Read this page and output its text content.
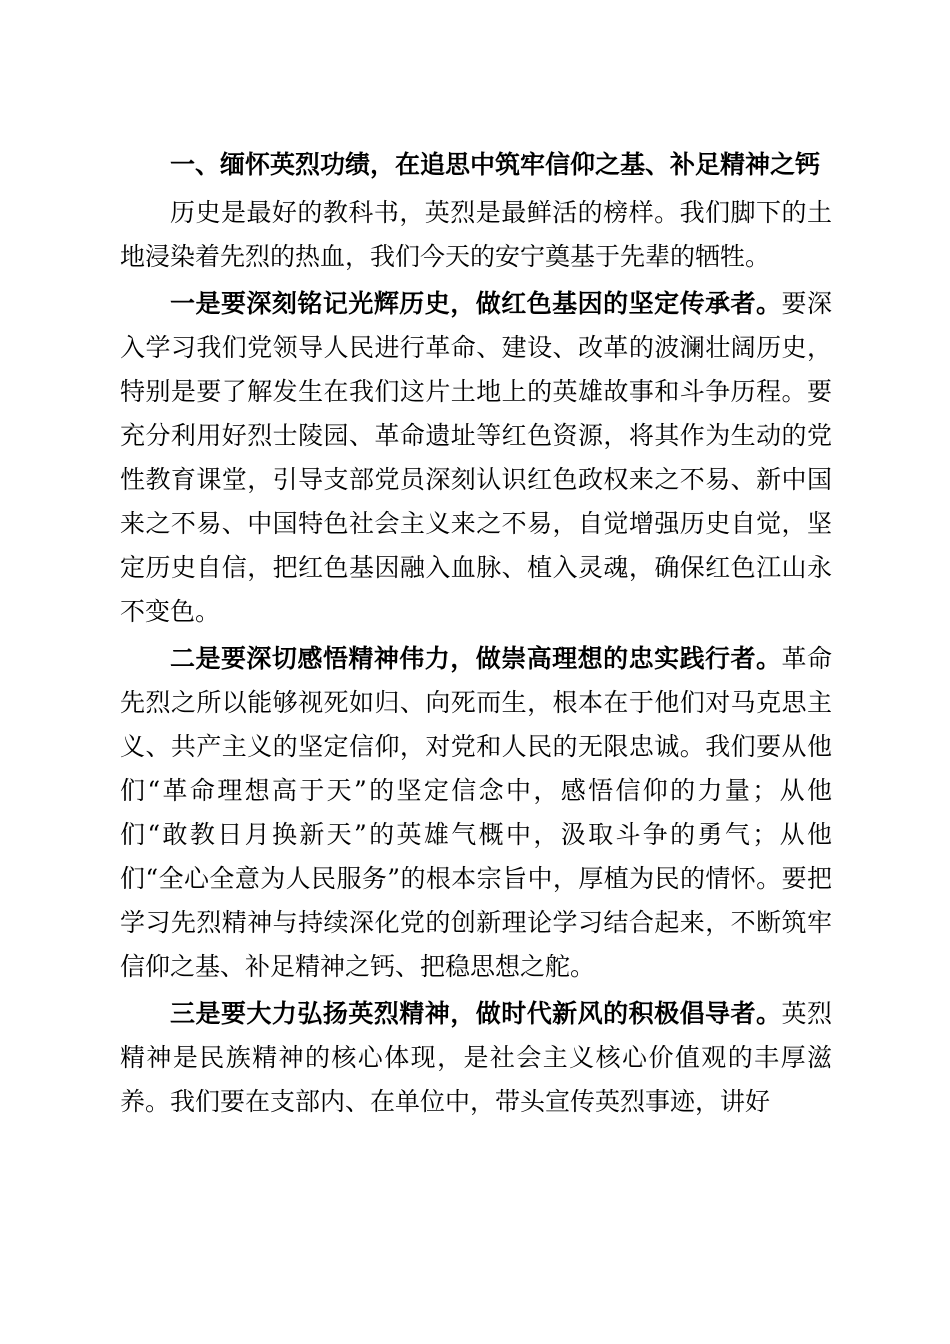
一、缅怀英烈功绩，在追思中筑牢信仰之基、补足精神之钙

历史是最好的教科书，英烈是最鲜活的榜样。我们脚下的土地浸染着先烈的热血，我们今天的安宁奠基于先辈的牺牲。

一是要深刻铭记光辉历史，做红色基因的坚定传承者。要深入学习我们党领导人民进行革命、建设、改革的波澜壮阔历史，特别是要了解发生在我们这片土地上的英雄故事和斗争历程。要充分利用好烈士陵园、革命遗址等红色资源，将其作为生动的党性教育课堂，引导支部党员深刻认识红色政权来之不易、新中国来之不易、中国特色社会主义来之不易，自觉增强历史自觉，坚定历史自信，把红色基因融入血脉、植入灵魂，确保红色江山永不变色。

二是要深切感悟精神伟力，做崇高理想的忠实践行者。革命先烈之所以能够视死如归、向死而生，根本在于他们对马克思主义、共产主义的坚定信仰，对党和人民的无限忠诚。我们要从他们“革命理想高于天”的坚定信念中，感悟信仰的力量；从他们“敢教日月换新天”的英雄气概中，汲取斗争的勇气；从他们“全心全意为人民服务”的根本宗旨中，厚植为民的情怀。要把学习先烈精神与持续深化党的创新理论学习结合起来，不断筑牢信仰之基、补足精神之钙、把稳思想之舵。

三是要大力弘扬英烈精神，做时代新风的积极倡导者。英烈精神是民族精神的核心体现，是社会主义核心价值观的丰厚滋养。我们要在支部内、在单位中，带头宣传英烈事迹，讲好
